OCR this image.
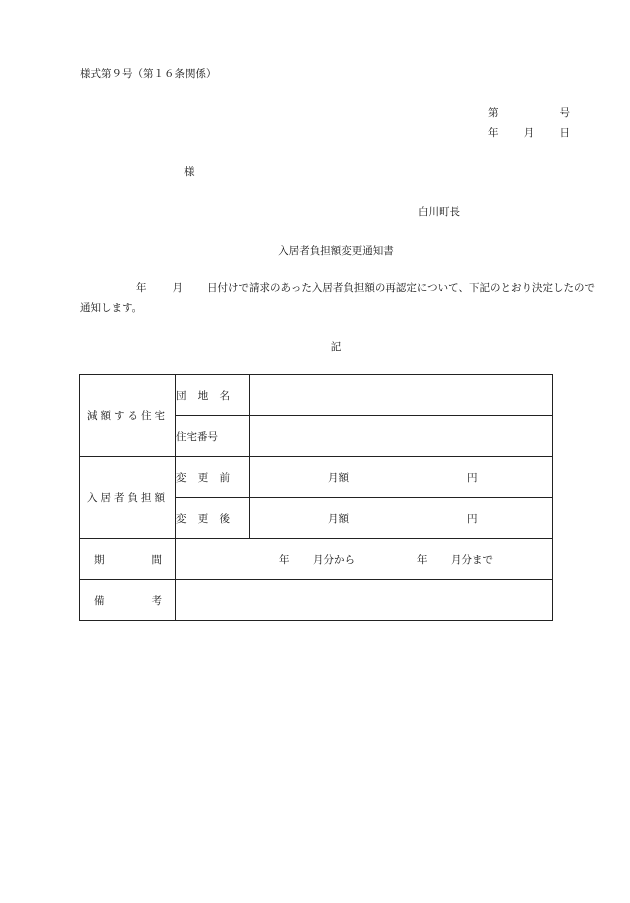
様式第９号（第１６条関係）
第	号
年 月 日
様
白川町長
入居者負担額変更通知書
年 月 日付けで請求のあった入居者負担額の再認定について、下記のとおり決定したので通知します。
記
減額する住宅	団 地 名	

	住宅番号	
入居者負担額	変 更 前	月額 円

	変 更 後	月額 円

期 間	年 月分から 年 月分まで	

備 考		
